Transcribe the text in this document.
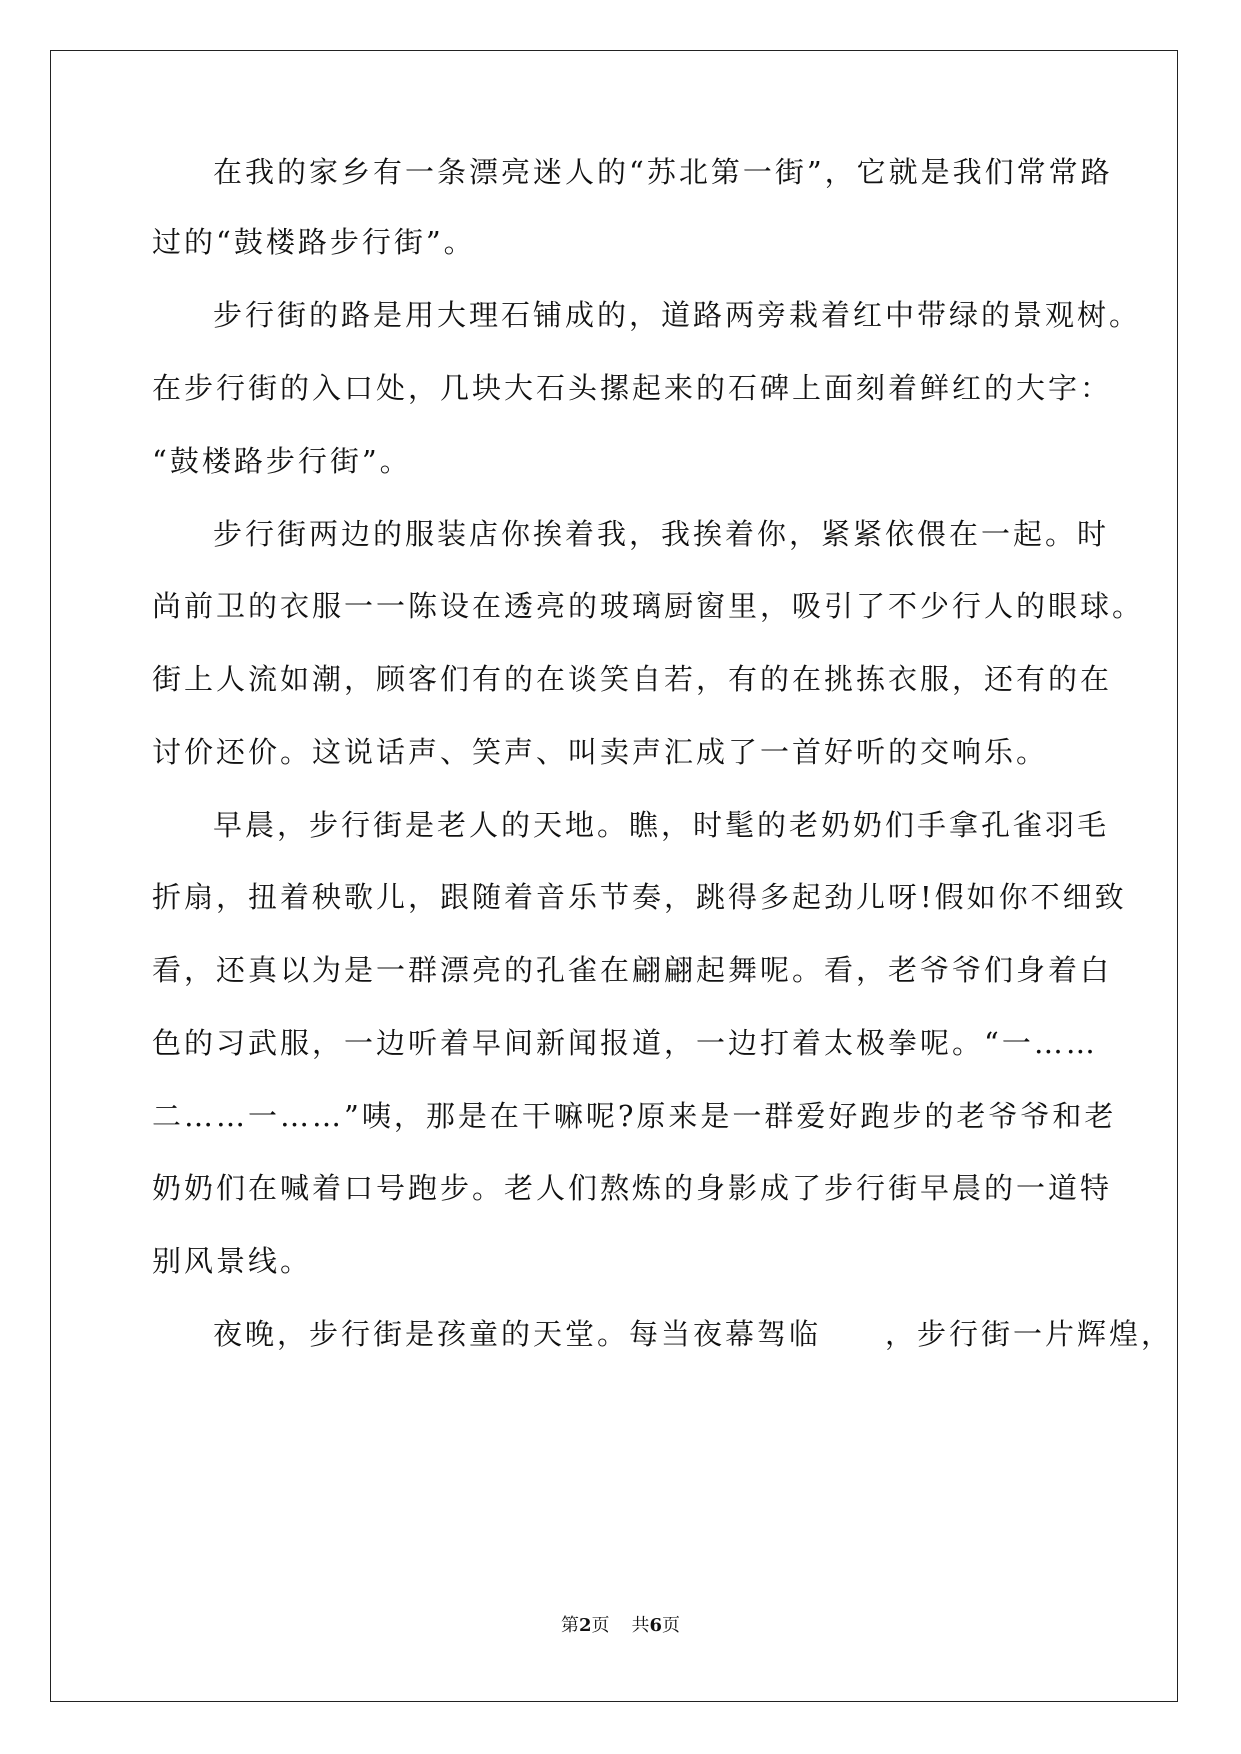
在我的家乡有一条漂亮迷人的“苏北第一街”，它就是我们常常路
过的“鼓楼路步行街”。
步行街的路是用大理石铺成的，道路两旁栽着红中带绿的景观树。
在步行街的入口处，几块大石头摞起来的石碑上面刻着鲜红的大字：
“鼓楼路步行街”。
步行街两边的服装店你挨着我，我挨着你，紧紧依偎在一起。时
尚前卫的衣服一一陈设在透亮的玻璃厨窗里，吸引了不少行人的眼球。
街上人流如潮，顾客们有的在谈笑自若，有的在挑拣衣服，还有的在
讨价还价。这说话声、笑声、叫卖声汇成了一首好听的交响乐。
早晨，步行街是老人的天地。瞧，时髦的老奶奶们手拿孔雀羽毛
折扇，扭着秧歌儿，跟随着音乐节奏，跳得多起劲儿呀!假如你不细致
看，还真以为是一群漂亮的孔雀在翩翩起舞呢。看，老爷爷们身着白
色的习武服，一边听着早间新闻报道，一边打着太极拳呢。“一……
二……一……”咦，那是在干嘛呢?原来是一群爱好跑步的老爷爷和老
奶奶们在喊着口号跑步。老人们熬炼的身影成了步行街早晨的一道特
别风景线。
夜晚，步行街是孩童的天堂。每当夜幕驾临　　，步行街一片辉煌，
第2页 共6页
